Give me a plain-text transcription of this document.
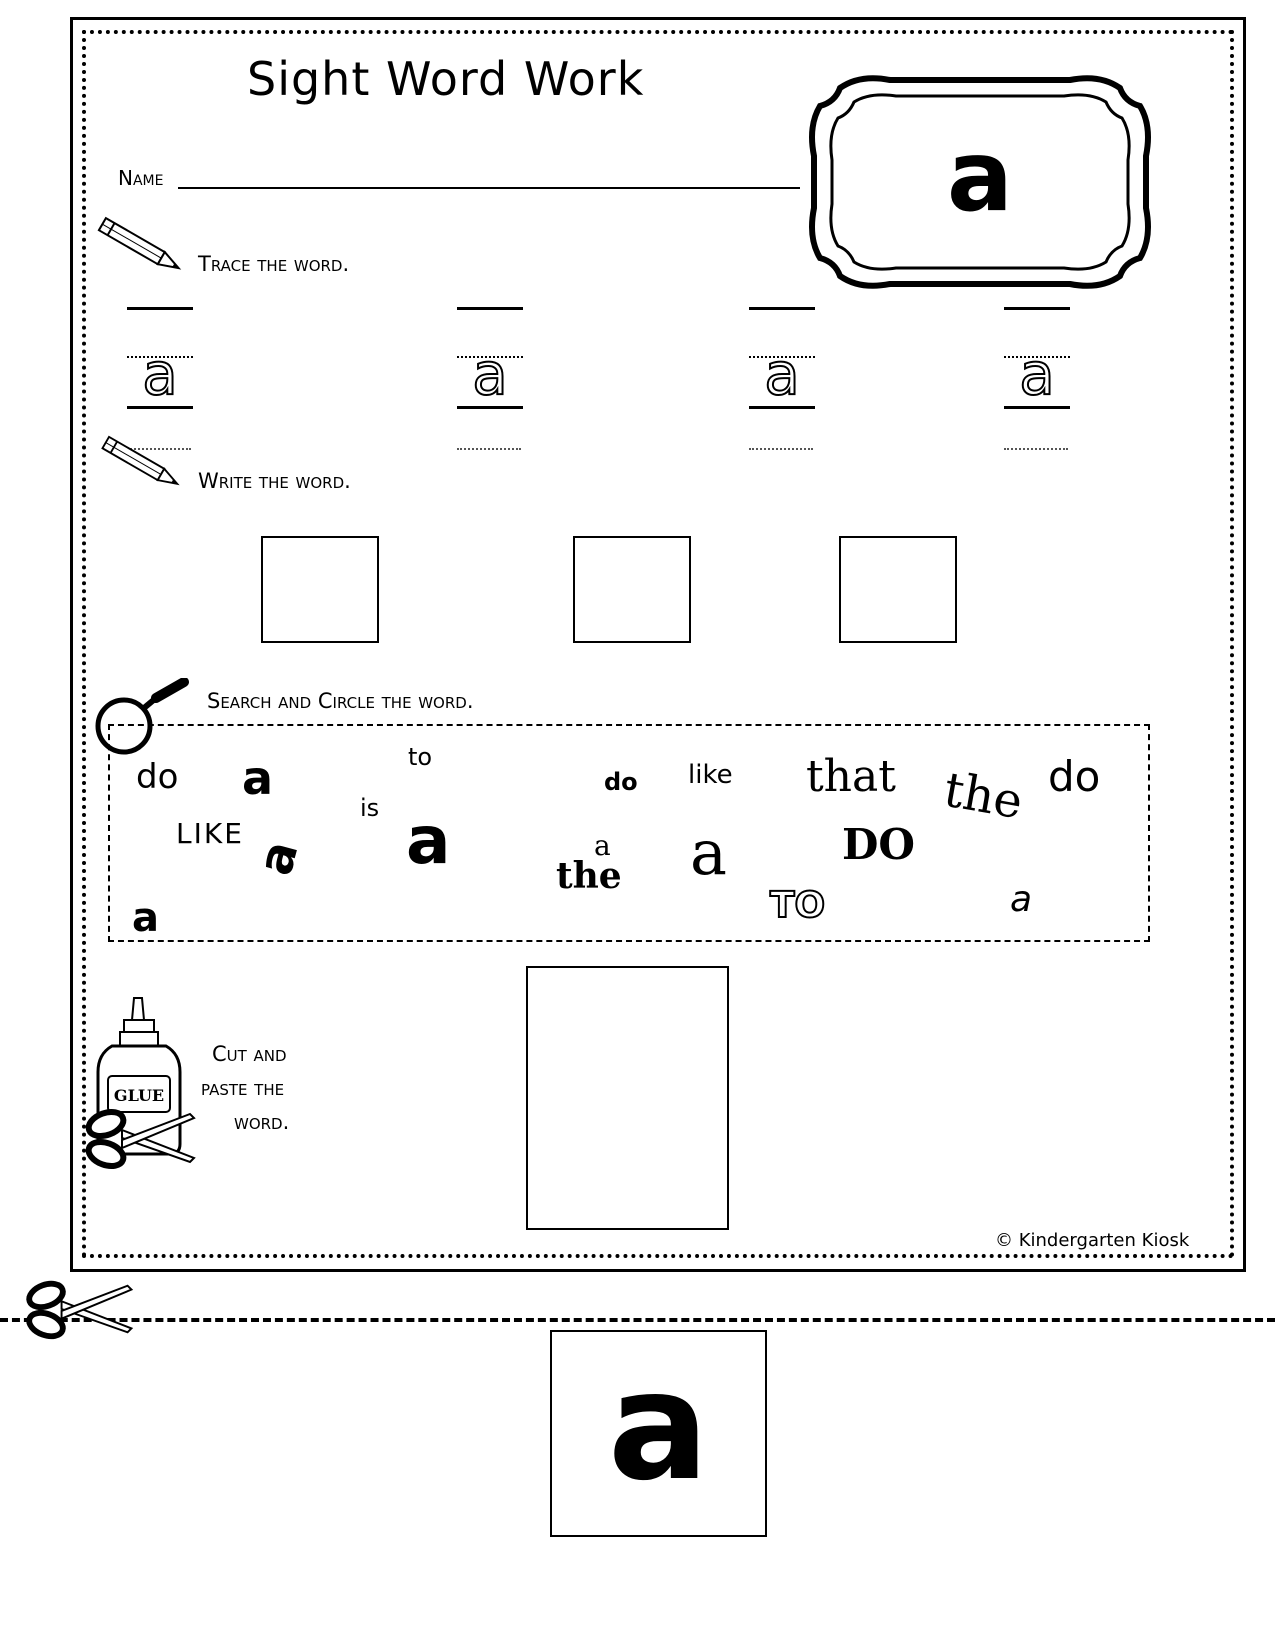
Sight Word Work
Name	a
Trace the word.
a	a	a	a
Write the word.
Search and Circle the word.
do a	to
is
do like that the do
LIKE
a a	a
the a	DO
a	TO	a
GLUE
Cut and
paste the
word.
© Kindergarten Kiosk
a
